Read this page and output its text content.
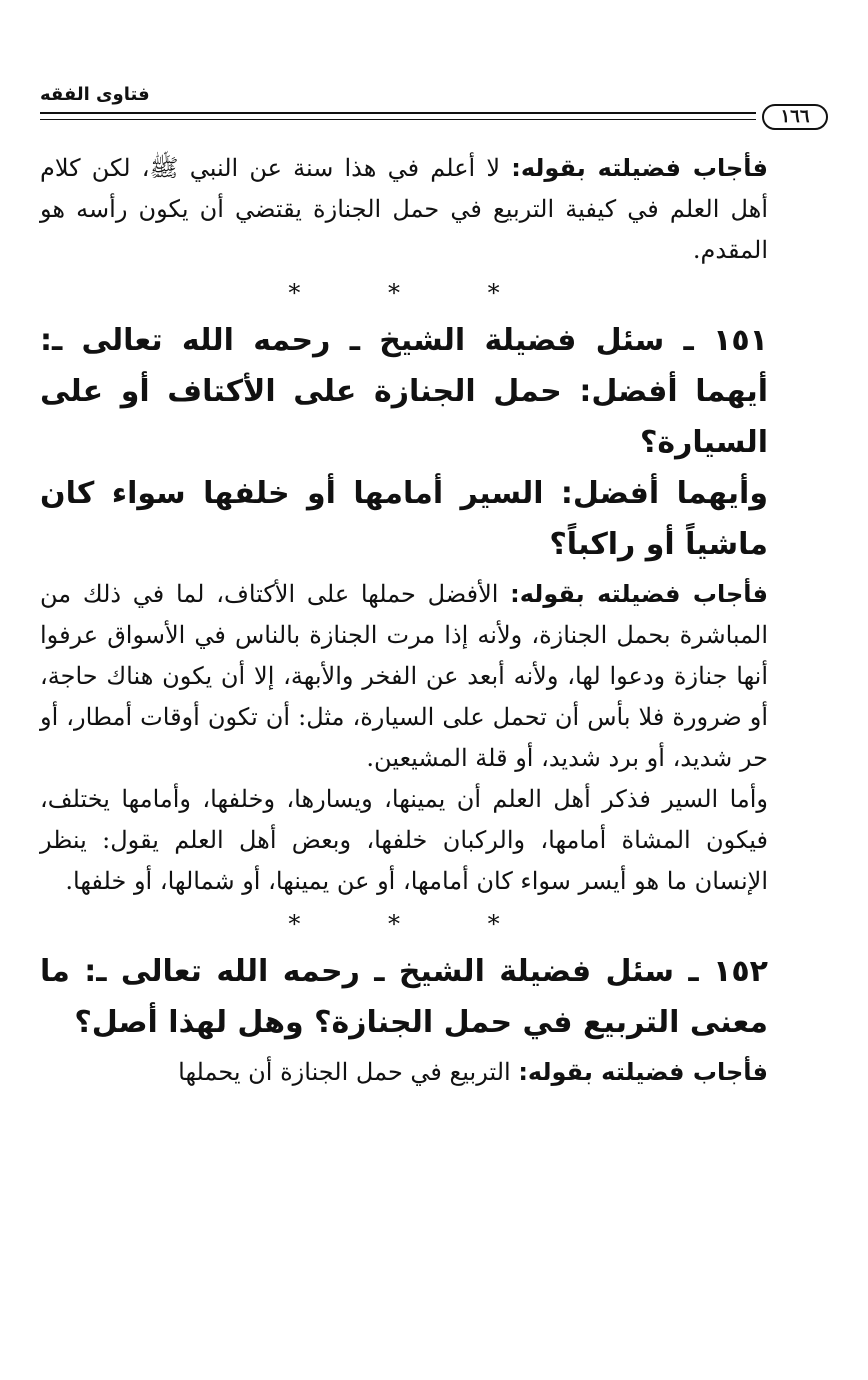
١٦٦
فتاوى الفقه

فأجاب فضيلته بقوله: لا أعلم في هذا سنة عن النبي ﷺ، لكن كلام أهل العلم في كيفية التربيع في حمل الجنازة يقتضي أن يكون رأسه هو المقدم.

* * *

١٥١ ـ سئل فضيلة الشيخ ـ رحمه الله تعالى ـ: أيهما أفضل: حمل الجنازة على الأكتاف أو على السيارة؟

وأيهما أفضل: السير أمامها أو خلفها سواء كان ماشياً أو راكباً؟

فأجاب فضيلته بقوله: الأفضل حملها على الأكتاف، لما في ذلك من المباشرة بحمل الجنازة، ولأنه إذا مرت الجنازة بالناس في الأسواق عرفوا أنها جنازة ودعوا لها، ولأنه أبعد عن الفخر والأبهة، إلا أن يكون هناك حاجة، أو ضرورة فلا بأس أن تحمل على السيارة، مثل: أن تكون أوقات أمطار، أو حر شديد، أو برد شديد، أو قلة المشيعين.

وأما السير فذكر أهل العلم أن يمينها، ويسارها، وخلفها، وأمامها يختلف، فيكون المشاة أمامها، والركبان خلفها، وبعض أهل العلم يقول: ينظر الإنسان ما هو أيسر سواء كان أمامها، أو عن يمينها، أو شمالها، أو خلفها.

* * *

١٥٢ ـ سئل فضيلة الشيخ ـ رحمه الله تعالى ـ: ما معنى التربيع في حمل الجنازة؟ وهل لهذا أصل؟

فأجاب فضيلته بقوله: التربيع في حمل الجنازة أن يحملها
